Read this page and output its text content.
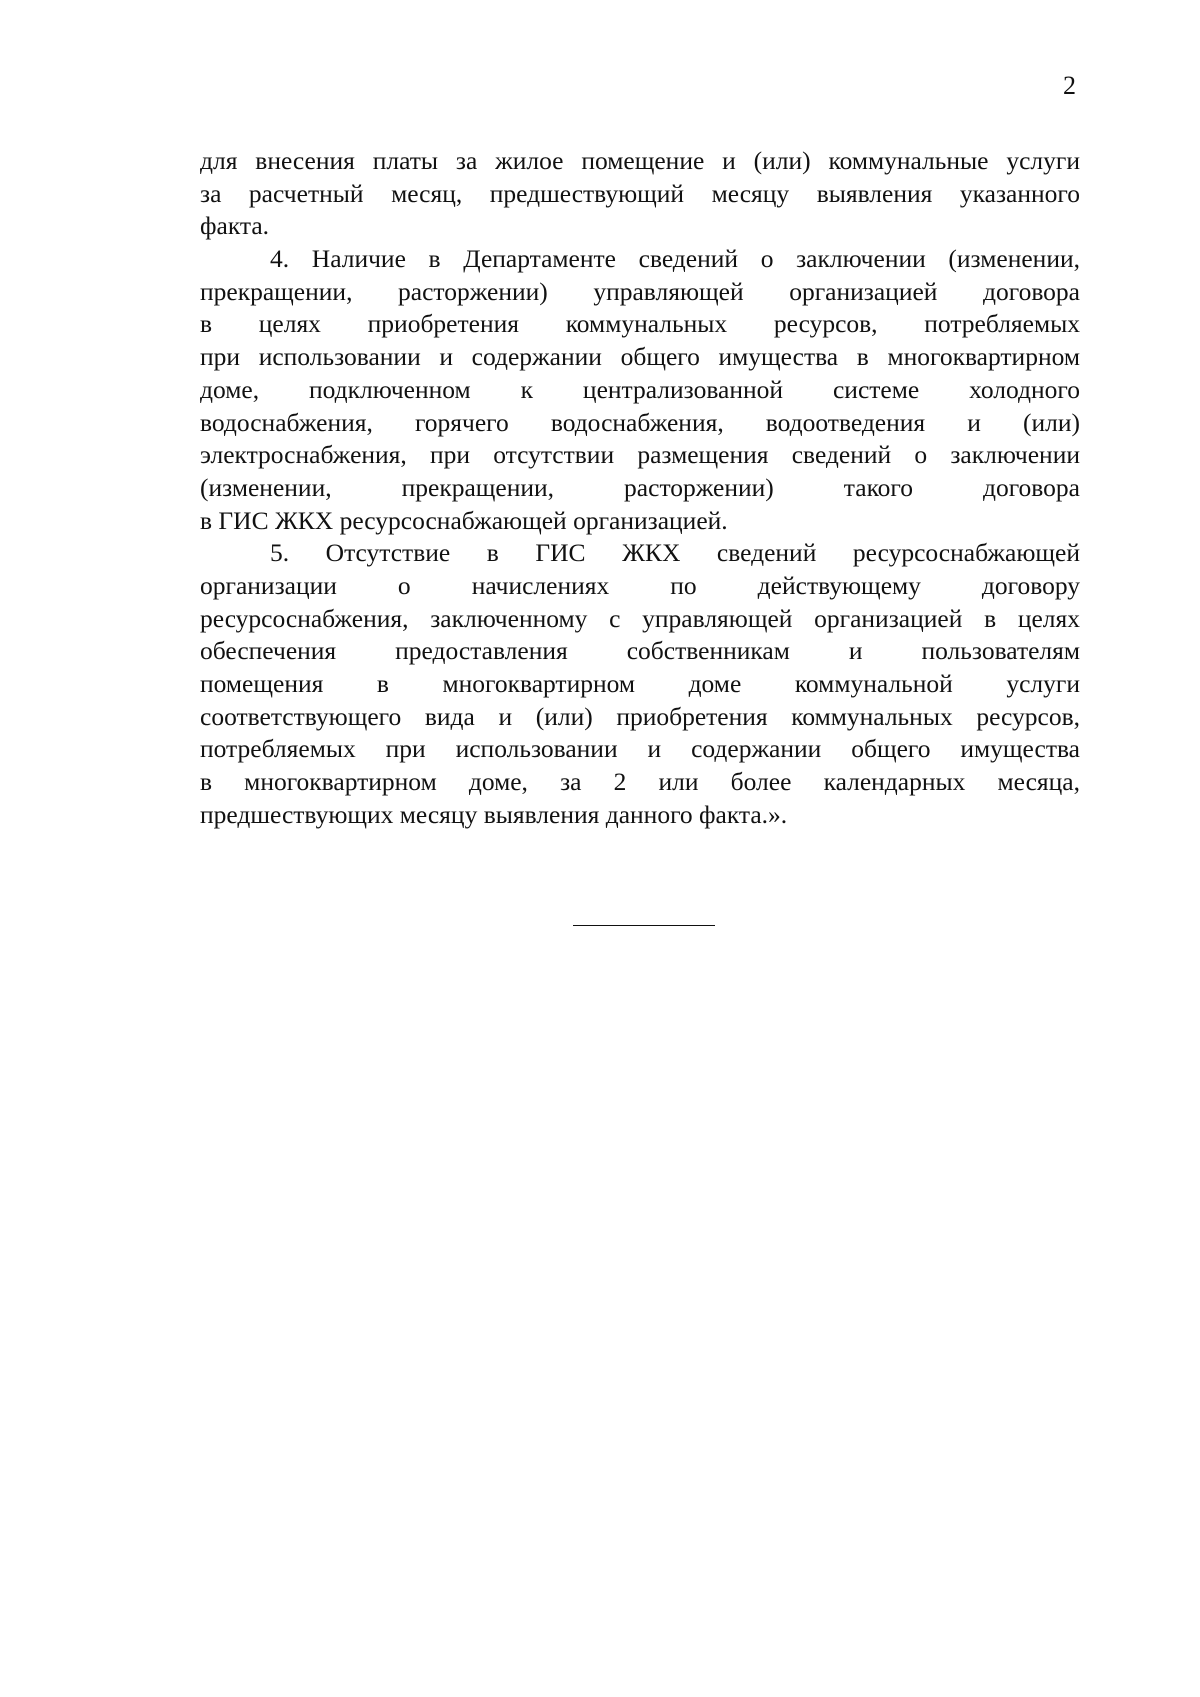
2
для внесения платы за жилое помещение и (или) коммунальные услуги
за расчетный месяц, предшествующий месяцу выявления указанного
факта.
4. Наличие в Департаменте сведений о заключении (изменении,
прекращении, расторжении) управляющей организацией договора
в целях приобретения коммунальных ресурсов, потребляемых
при использовании и содержании общего имущества в многоквартирном
доме, подключенном к централизованной системе холодного
водоснабжения, горячего водоснабжения, водоотведения и (или)
электроснабжения, при отсутствии размещения сведений о заключении
(изменении, прекращении, расторжении) такого договора
в ГИС ЖКХ ресурсоснабжающей организацией.
5. Отсутствие в ГИС ЖКХ сведений ресурсоснабжающей
организации о начислениях по действующему договору
ресурсоснабжения, заключенному с управляющей организацией в целях
обеспечения предоставления собственникам и пользователям
помещения в многоквартирном доме коммунальной услуги
соответствующего вида и (или) приобретения коммунальных ресурсов,
потребляемых при использовании и содержании общего имущества
в многоквартирном доме, за 2 или более календарных месяца,
предшествующих месяцу выявления данного факта.».
